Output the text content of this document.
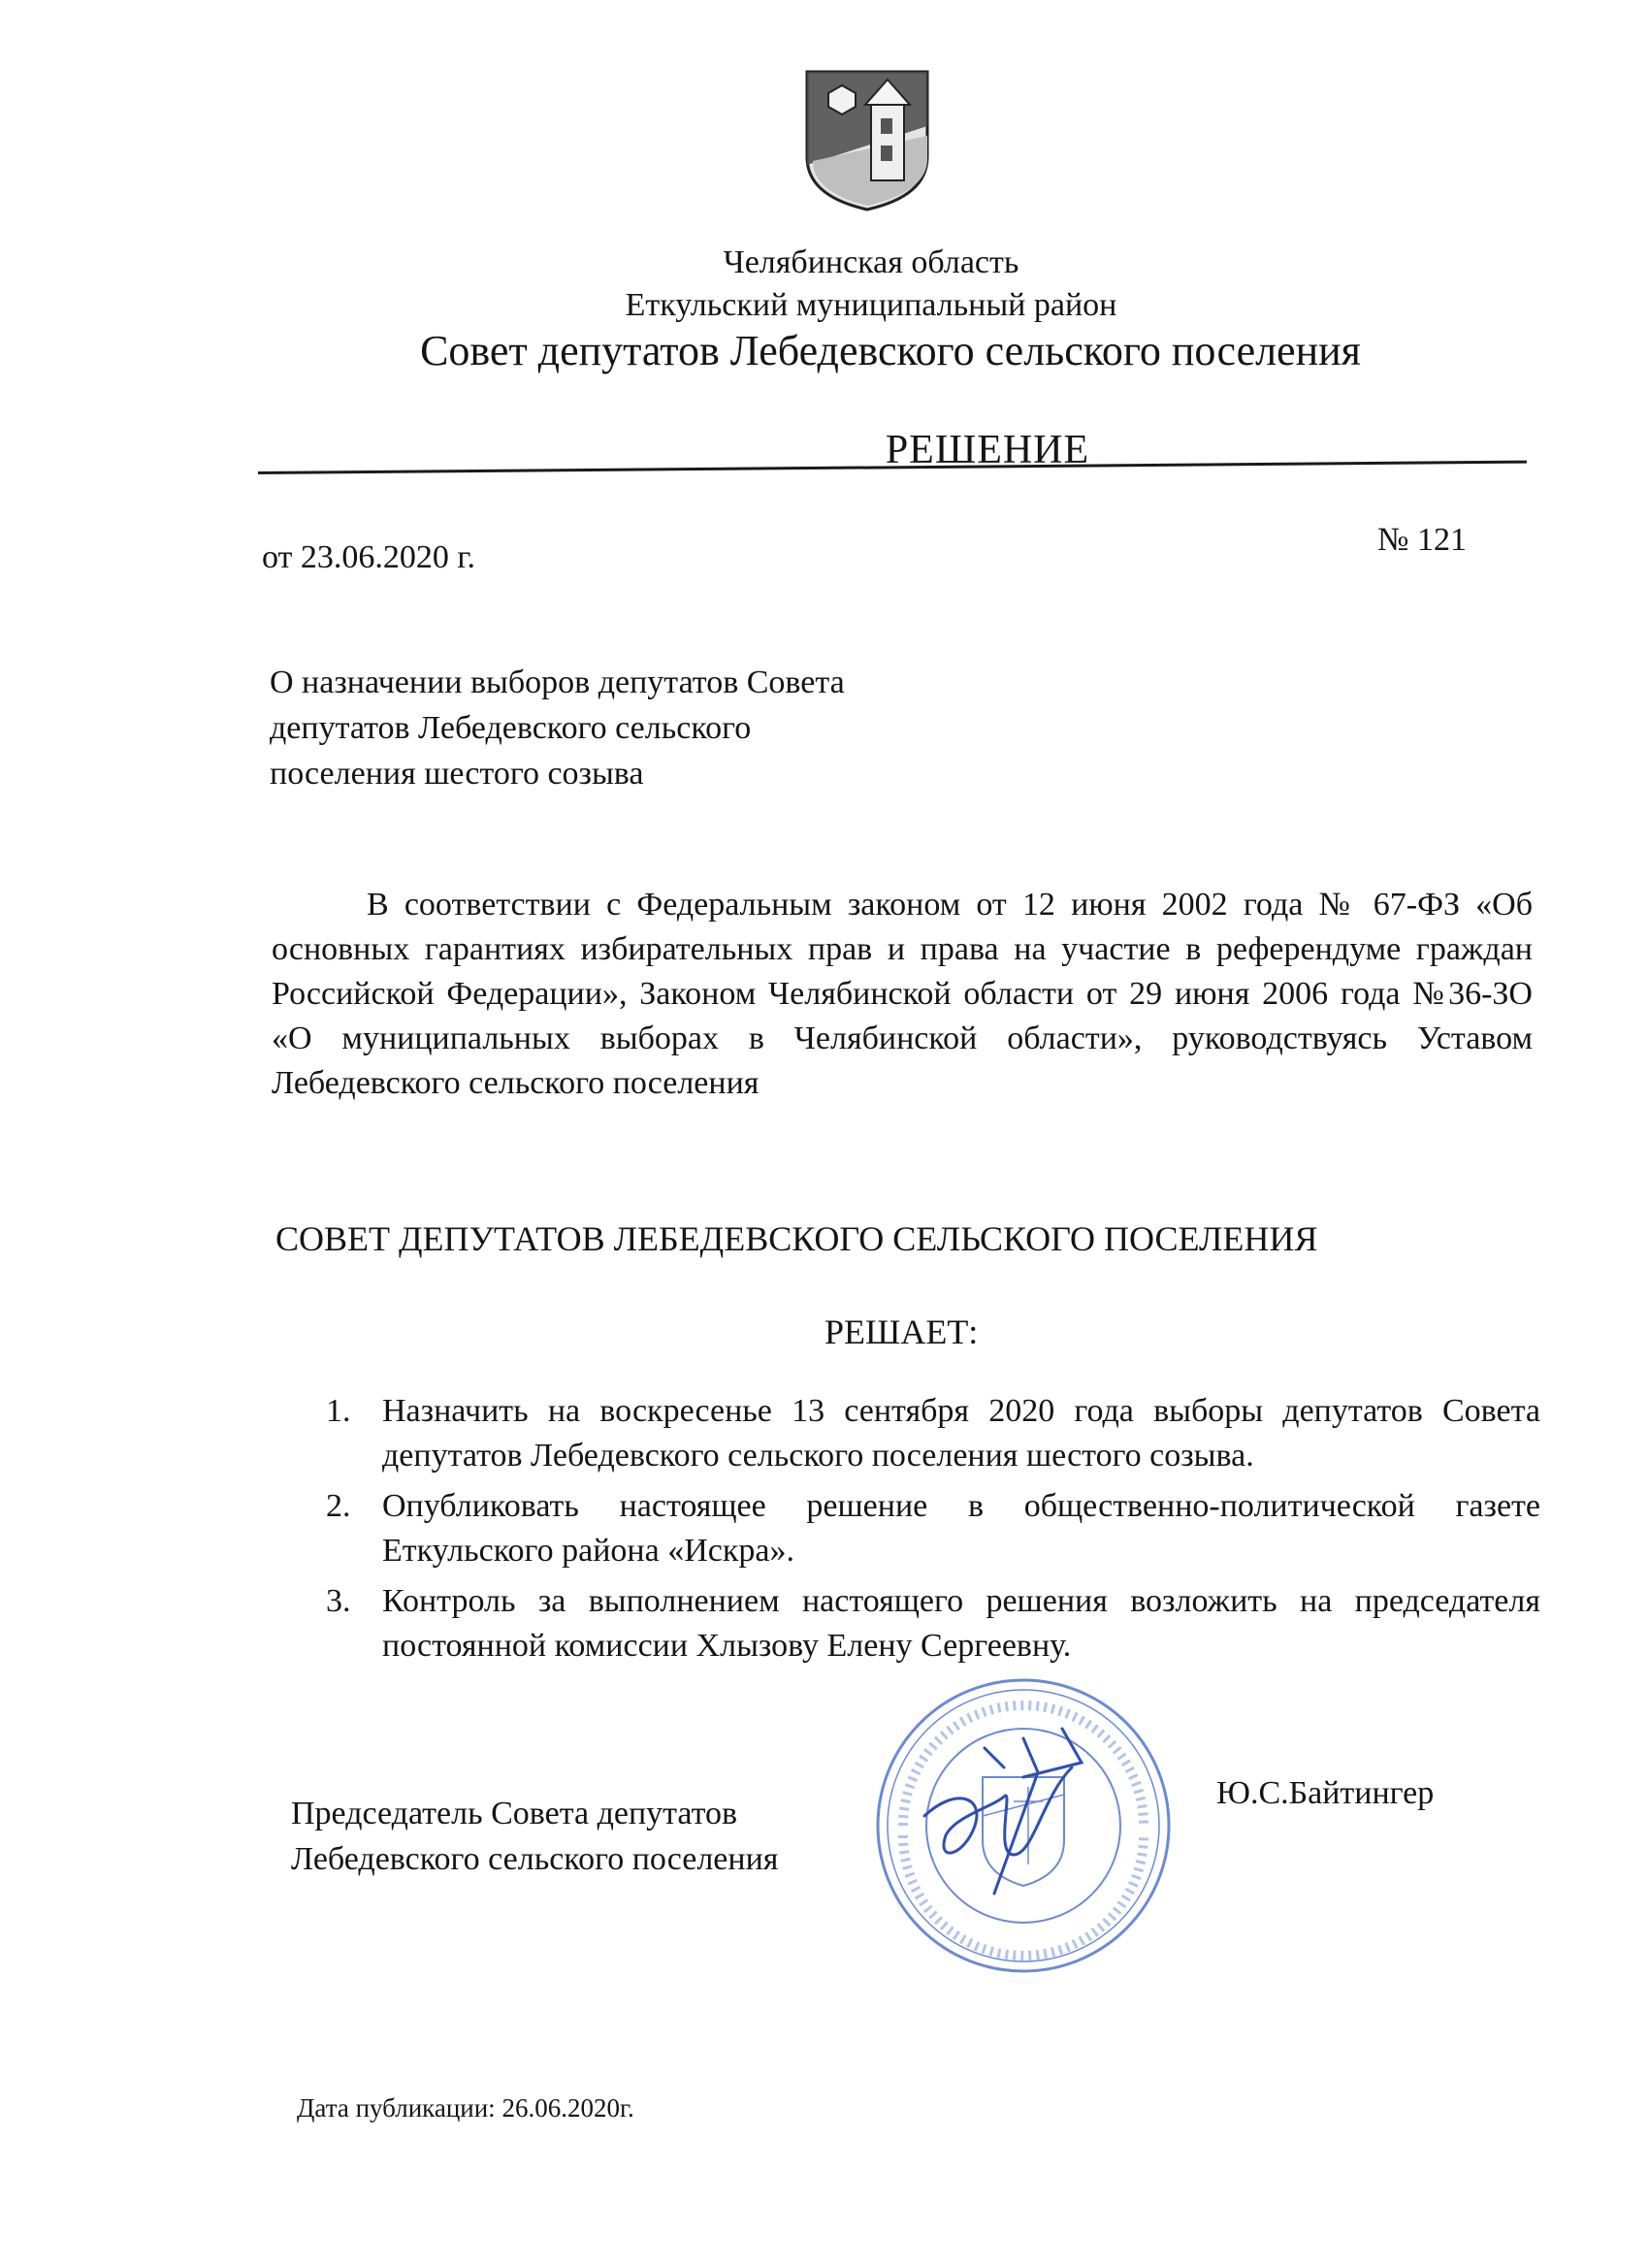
Челябинская область
Еткульский муниципальный район
Совет депутатов Лебедевского сельского поселения
РЕШЕНИЕ
от 23.06.2020 г.	№ 121
О назначении выборов депутатов Совета
депутатов Лебедевского сельского
поселения шестого созыва
В соответствии с Федеральным законом от 12 июня 2002 года № 67-ФЗ «Об основных гарантиях избирательных прав и права на участие в референдуме граждан Российской Федерации», Законом Челябинской области от 29 июня 2006 года №36-ЗО «О муниципальных выборах в Челябинской области», руководствуясь Уставом Лебедевского сельского поселения
СОВЕТ ДЕПУТАТОВ ЛЕБЕДЕВСКОГО СЕЛЬСКОГО ПОСЕЛЕНИЯ
РЕШАЕТ:
1. Назначить на воскресенье 13 сентября 2020 года выборы депутатов Совета депутатов Лебедевского сельского поселения шестого созыва.
2. Опубликовать настоящее решение в общественно-политической газете Еткульского района «Искра».
3. Контроль за выполнением настоящего решения возложить на председателя постоянной комиссии Хлызову Елену Сергеевну.
Председатель Совета депутатов
Лебедевского сельского поселения
Ю.С.Байтингер
Дата публикации: 26.06.2020г.
